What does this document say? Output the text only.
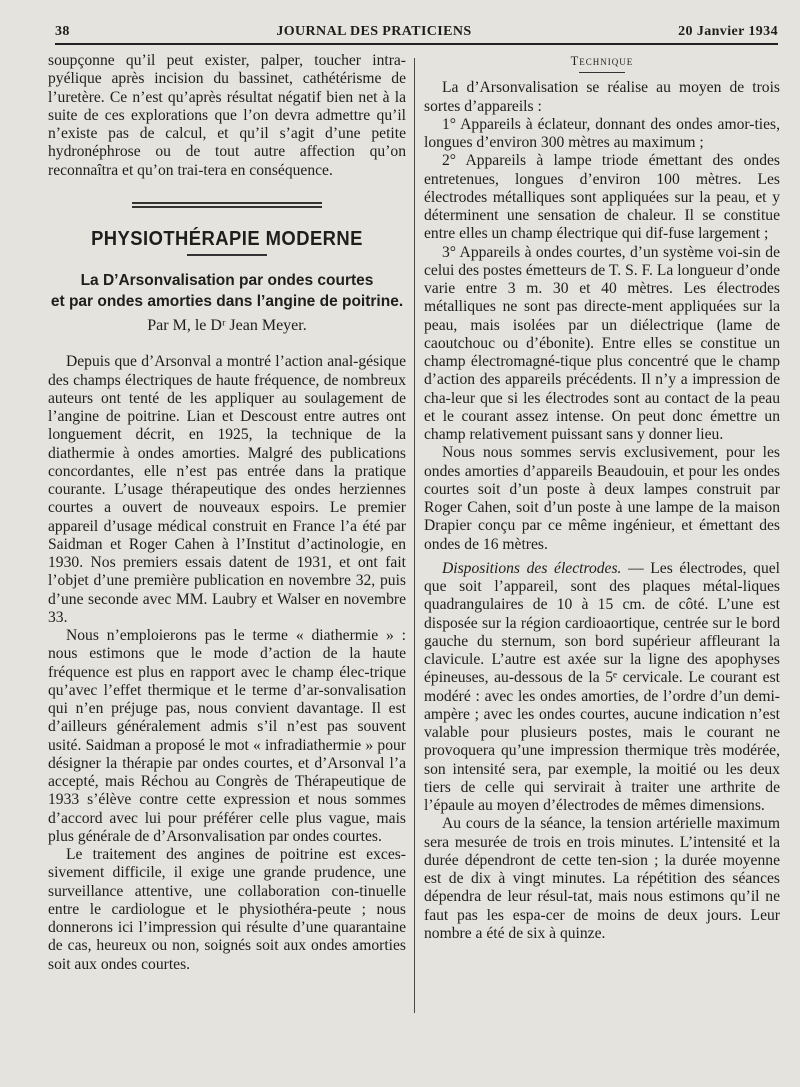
38	JOURNAL DES PRATICIENS	20 Janvier 1934

soupçonne qu’il peut exister, palper, toucher intra-pyélique après incision du bassinet, cathétérisme de l’uretère. Ce n’est qu’après résultat négatif bien net à la suite de ces explorations que l’on devra admettre qu’il n’existe pas de calcul, et qu’il s’agit d’une petite hydronéphrose ou de tout autre affection qu’on reconnaîtra et qu’on trai-tera en conséquence.

PHYSIOTHÉRAPIE MODERNE
La D’Arsonvalisation par ondes courtes
et par ondes amorties dans l’angine de poitrine.
Par M, le Dʳ Jean Meyer.

Depuis que d’Arsonval a montré l’action anal-gésique des champs électriques de haute fréquence, de nombreux auteurs ont tenté de les appliquer au soulagement de l’angine de poitrine. Lian et Descoust entre autres ont longuement décrit, en 1925, la technique de la diathermie à ondes amorties. Malgré des publications concordantes, elle n’est pas entrée dans la pratique courante. L’usage thérapeutique des ondes herziennes courtes a ouvert de nouveaux espoirs. Le premier appareil d’usage médical construit en France l’a été par Saidman et Roger Cahen à l’Institut d’actinologie, en 1930. Nos premiers essais datent de 1931, et ont fait l’objet d’une première publication en novembre 32, puis d’une seconde avec MM. Laubry et Walser en novembre 33.

Nous n’emploierons pas le terme « diathermie » : nous estimons que le mode d’action de la haute fréquence est plus en rapport avec le champ élec-trique qu’avec l’effet thermique et le terme d’ar-sonvalisation qui n’en préjuge pas, nous convient davantage. Il est d’ailleurs généralement admis s’il n’est pas souvent usité. Saidman a proposé le mot « infradiathermie » pour désigner la thérapie par ondes courtes, et d’Arsonval l’a accepté, mais Réchou au Congrès de Thérapeutique de 1933 s’élève contre cette expression et nous sommes d’accord avec lui pour préférer celle plus vague, mais plus générale de d’Arsonvalisation par ondes courtes.

Le traitement des angines de poitrine est exces-sivement difficile, il exige une grande prudence, une surveillance attentive, une collaboration con-tinuelle entre le cardiologue et le physiothéra-peute ; nous donnerons ici l’impression qui résulte d’une quarantaine de cas, heureux ou non, soignés soit aux ondes amorties soit aux ondes courtes.

Technique

La d’Arsonvalisation se réalise au moyen de trois sortes d’appareils :

1° Appareils à éclateur, donnant des ondes amor-ties, longues d’environ 300 mètres au maximum ;

2° Appareils à lampe triode émettant des ondes entretenues, longues d’environ 100 mètres. Les électrodes métalliques sont appliquées sur la peau, et y déterminent une sensation de chaleur. Il se constitue entre elles un champ électrique qui dif-fuse largement ;

3° Appareils à ondes courtes, d’un système voi-sin de celui des postes émetteurs de T. S. F. La longueur d’onde varie entre 3 m. 30 et 40 mètres. Les électrodes métalliques ne sont pas directe-ment appliquées sur la peau, mais isolées par un diélectrique (lame de caoutchouc ou d’ébonite). Entre elles se constitue un champ électromagné-tique plus concentré que le champ d’action des appareils précédents. Il n’y a impression de cha-leur que si les électrodes sont au contact de la peau et le courant assez intense. On peut donc émettre un champ relativement puissant sans y donner lieu.

Nous nous sommes servis exclusivement, pour les ondes amorties d’appareils Beaudouin, et pour les ondes courtes soit d’un poste à deux lampes construit par Roger Cahen, soit d’un poste à une lampe de la maison Drapier conçu par ce même ingénieur, et émettant des ondes de 16 mètres.

Dispositions des électrodes. — Les électrodes, quel que soit l’appareil, sont des plaques métal-liques quadrangulaires de 10 à 15 cm. de côté. L’une est disposée sur la région cardioaortique, centrée sur le bord gauche du sternum, son bord supérieur affleurant la clavicule. L’autre est axée sur la ligne des apophyses épineuses, au-dessous de la 5ᵉ cervicale. Le courant est modéré : avec les ondes amorties, de l’ordre d’un demi-ampère ; avec les ondes courtes, aucune indication n’est valable pour plusieurs postes, mais le courant ne provoquera qu’une impression thermique très modérée, son intensité sera, par exemple, la moitié ou les deux tiers de celle qui servirait à traiter une arthrite de l’épaule au moyen d’électrodes de mêmes dimensions.

Au cours de la séance, la tension artérielle maximum sera mesurée de trois en trois minutes. L’intensité et la durée dépendront de cette ten-sion ; la durée moyenne est de dix à vingt minutes. La répétition des séances dépendra de leur résul-tat, mais nous estimons qu’il ne faut pas les espa-cer de moins de deux jours. Leur nombre a été de six à quinze.
